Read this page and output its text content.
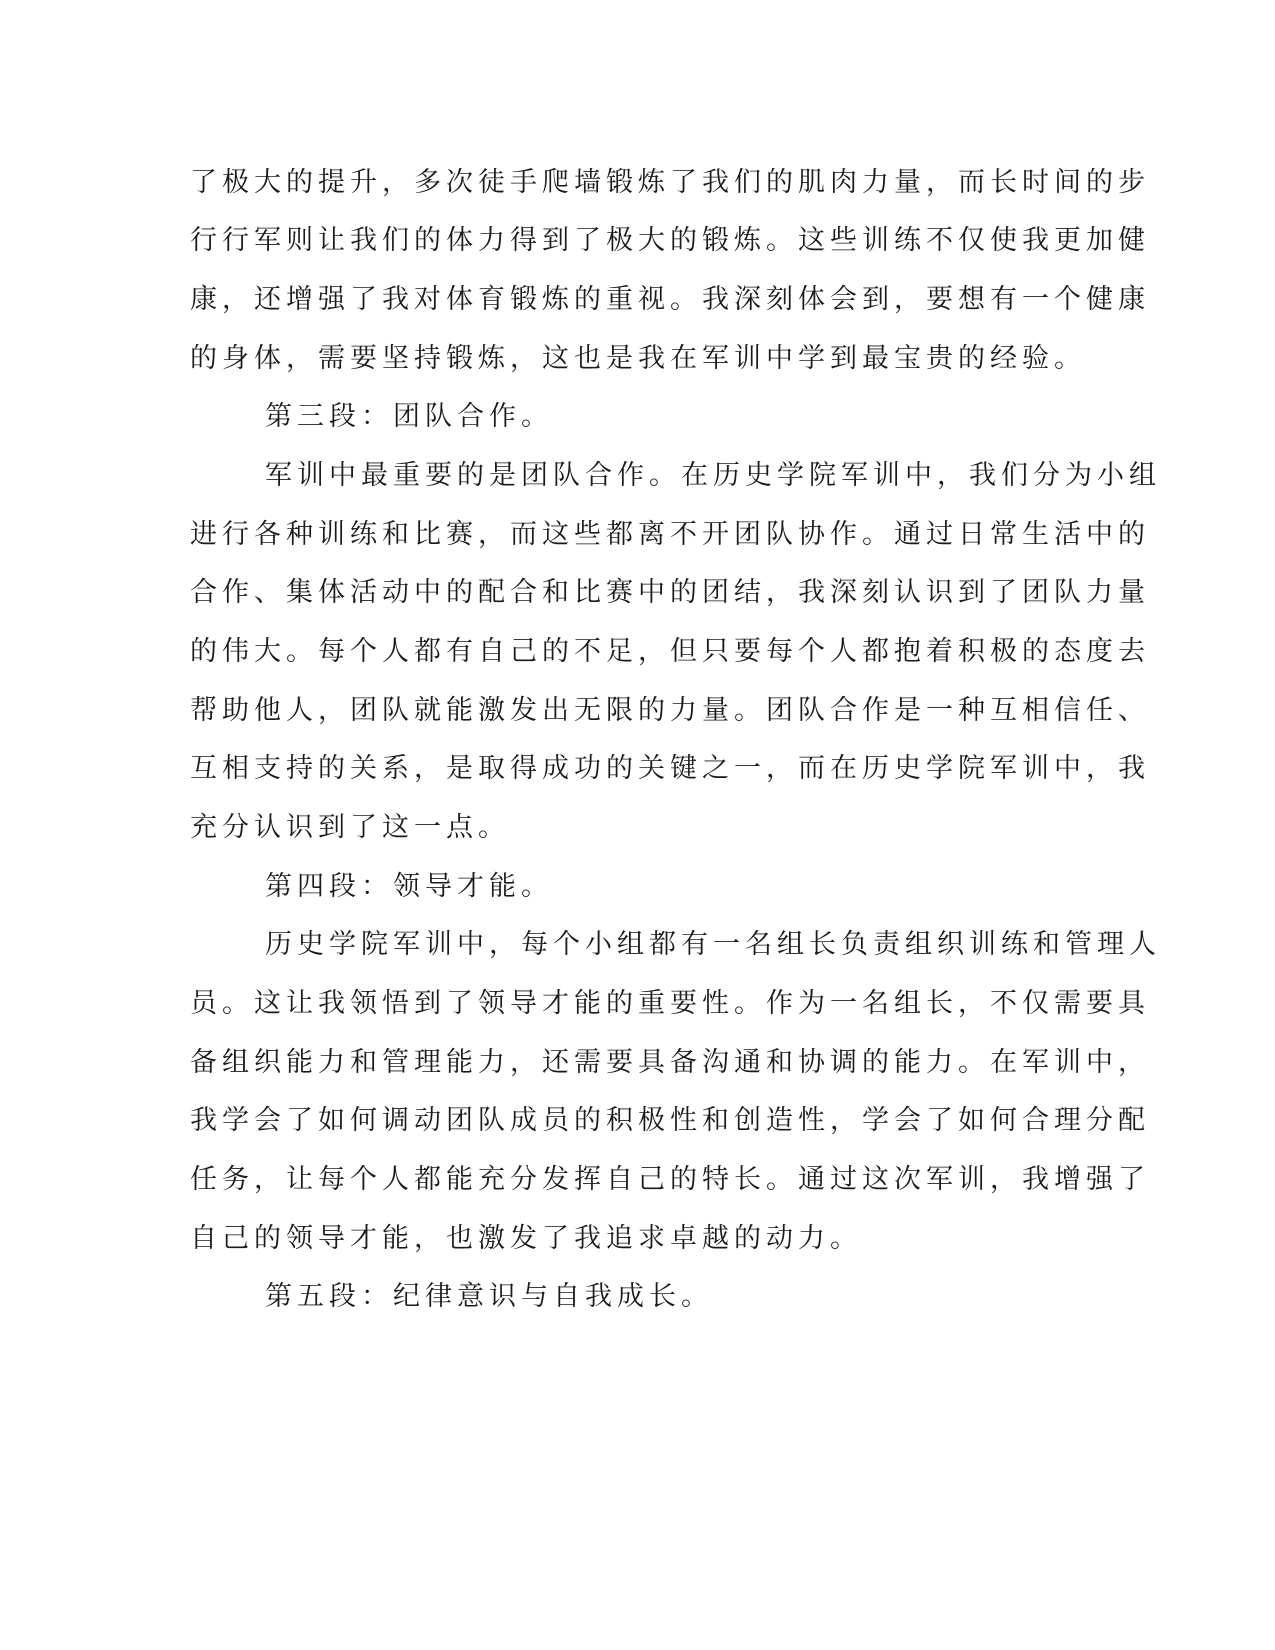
了极大的提升，多次徒手爬墙锻炼了我们的肌肉力量，而长时间的步
行行军则让我们的体力得到了极大的锻炼。这些训练不仅使我更加健
康，还增强了我对体育锻炼的重视。我深刻体会到，要想有一个健康
的身体，需要坚持锻炼，这也是我在军训中学到最宝贵的经验。
第三段：团队合作。
军训中最重要的是团队合作。在历史学院军训中，我们分为小组
进行各种训练和比赛，而这些都离不开团队协作。通过日常生活中的
合作、集体活动中的配合和比赛中的团结，我深刻认识到了团队力量
的伟大。每个人都有自己的不足，但只要每个人都抱着积极的态度去
帮助他人，团队就能激发出无限的力量。团队合作是一种互相信任、
互相支持的关系，是取得成功的关键之一，而在历史学院军训中，我
充分认识到了这一点。
第四段：领导才能。
历史学院军训中，每个小组都有一名组长负责组织训练和管理人
员。这让我领悟到了领导才能的重要性。作为一名组长，不仅需要具
备组织能力和管理能力，还需要具备沟通和协调的能力。在军训中，
我学会了如何调动团队成员的积极性和创造性，学会了如何合理分配
任务，让每个人都能充分发挥自己的特长。通过这次军训，我增强了
自己的领导才能，也激发了我追求卓越的动力。
第五段：纪律意识与自我成长。
